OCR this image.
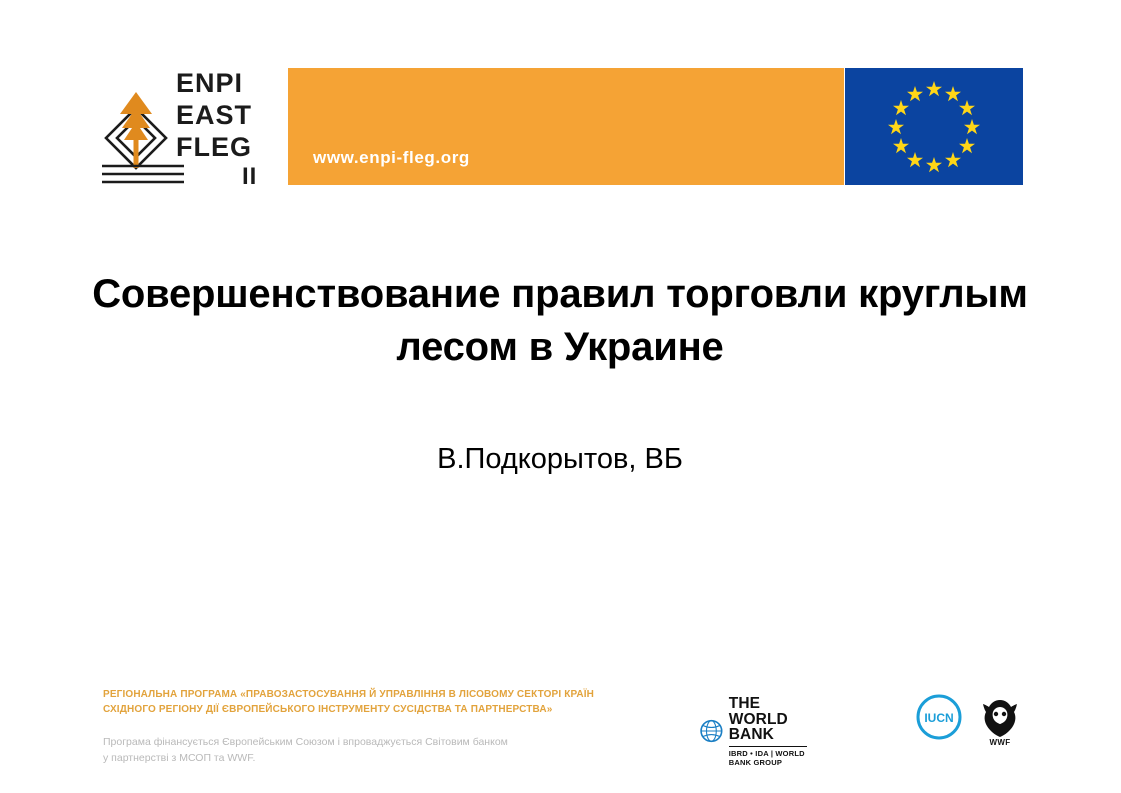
ENPI
EAST
FLEG
II
www.enpi-fleg.org
Совершенствование правил торговли круглым лесом в Украине
В.Подкорытов, ВБ
РЕГІОНАЛЬНА ПРОГРАМА «ПРАВОЗАСТОСУВАННЯ Й УПРАВЛІННЯ В ЛІСОВОМУ СЕКТОРІ КРАЇН
СХІДНОГО РЕГІОНУ ДІЇ ЄВРОПЕЙСЬКОГО ІНСТРУМЕНТУ СУСІДСТВА ТА ПАРТНЕРСТВА»
Програма фінансується Європейським Союзом і впроваджується Світовим банком
у партнерстві з МСОП та WWF.
THE WORLD BANK
IBRD • IDA | WORLD BANK GROUP
IUCN
WWF
